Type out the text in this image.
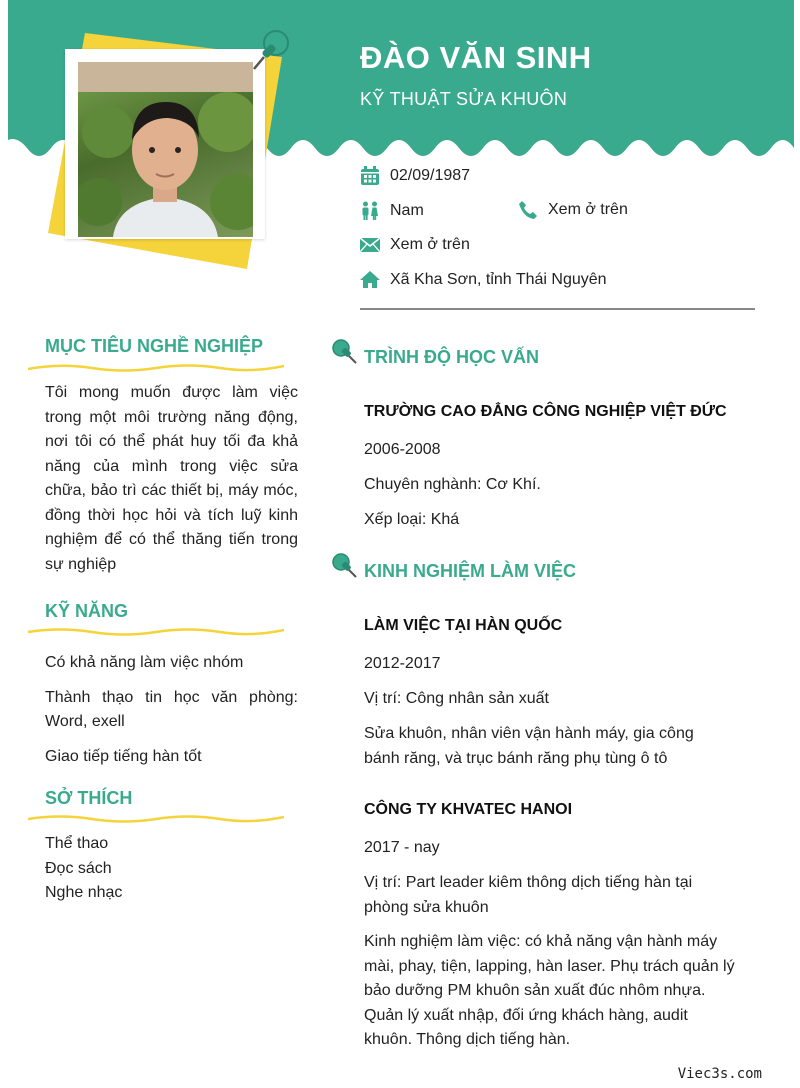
ĐÀO VĂN SINH
KỸ THUẬT SỬA KHUÔN
02/09/1987
Nam	Xem ở trên
Xem ở trên
Xã Kha Sơn, tỉnh Thái Nguyên
MỤC TIÊU NGHỀ NGHIỆP
Tôi mong muốn được làm việc trong một môi trường năng động, nơi tôi có thể phát huy tối đa khả năng của mình trong việc sửa chữa, bảo trì các thiết bị, máy móc, đồng thời học hỏi và tích luỹ kinh nghiệm để có thể thăng tiến trong sự nghiệp
KỸ NĂNG
Có khả năng làm việc nhóm
Thành thạo tin học văn phòng: Word, exell
Giao tiếp tiếng hàn tốt
SỞ THÍCH
Thể thao
Đọc sách
Nghe nhạc
TRÌNH ĐỘ HỌC VẤN
TRƯỜNG CAO ĐẲNG CÔNG NGHIỆP VIỆT ĐỨC
2006-2008
Chuyên nghành: Cơ Khí.
Xếp loại: Khá
KINH NGHIỆM LÀM VIỆC
LÀM VIỆC TẠI HÀN QUỐC
2012-2017
Vị trí: Công nhân sản xuất
Sửa khuôn, nhân viên vận hành máy, gia công bánh răng, và trục bánh răng phụ tùng ô tô
CÔNG TY KHVATEC HANOI
2017 - nay
Vị trí: Part leader kiêm thông dịch tiếng hàn tại phòng sửa khuôn
Kinh nghiệm làm việc: có khả năng vận hành máy mài, phay, tiện, lapping, hàn laser. Phụ trách quản lý bảo dưỡng PM khuôn sản xuất đúc nhôm nhựa. Quản lý xuất nhập, đối ứng khách hàng, audit khuôn. Thông dịch tiếng hàn.
Viec3s.com
